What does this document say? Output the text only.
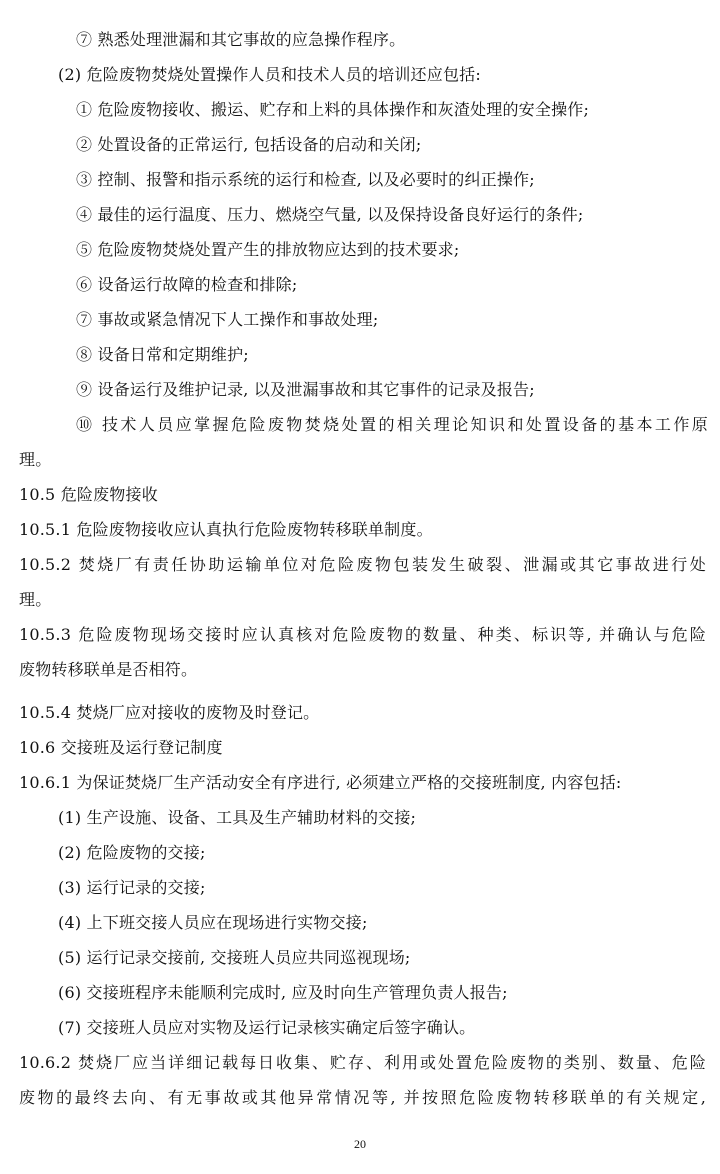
⑦ 熟悉处理泄漏和其它事故的应急操作程序。
(2) 危险废物焚烧处置操作人员和技术人员的培训还应包括:
① 危险废物接收、搬运、贮存和上料的具体操作和灰渣处理的安全操作;
② 处置设备的正常运行, 包括设备的启动和关闭;
③ 控制、报警和指示系统的运行和检查, 以及必要时的纠正操作;
④ 最佳的运行温度、压力、燃烧空气量, 以及保持设备良好运行的条件;
⑤ 危险废物焚烧处置产生的排放物应达到的技术要求;
⑥ 设备运行故障的检查和排除;
⑦ 事故或紧急情况下人工操作和事故处理;
⑧ 设备日常和定期维护;
⑨ 设备运行及维护记录, 以及泄漏事故和其它事件的记录及报告;
⑩ 技术人员应掌握危险废物焚烧处置的相关理论知识和处置设备的基本工作原
理。
10.5 危险废物接收
10.5.1 危险废物接收应认真执行危险废物转移联单制度。
10.5.2 焚烧厂有责任协助运输单位对危险废物包装发生破裂、泄漏或其它事故进行处
理。
10.5.3 危险废物现场交接时应认真核对危险废物的数量、种类、标识等, 并确认与危险
废物转移联单是否相符。
10.5.4 焚烧厂应对接收的废物及时登记。
10.6 交接班及运行登记制度
10.6.1 为保证焚烧厂生产活动安全有序进行, 必须建立严格的交接班制度, 内容包括:
(1) 生产设施、设备、工具及生产辅助材料的交接;
(2) 危险废物的交接;
(3) 运行记录的交接;
(4) 上下班交接人员应在现场进行实物交接;
(5) 运行记录交接前, 交接班人员应共同巡视现场;
(6) 交接班程序未能顺利完成时, 应及时向生产管理负责人报告;
(7) 交接班人员应对实物及运行记录核实确定后签字确认。
10.6.2 焚烧厂应当详细记载每日收集、贮存、利用或处置危险废物的类别、数量、危险
废物的最终去向、有无事故或其他异常情况等, 并按照危险废物转移联单的有关规定,
20
